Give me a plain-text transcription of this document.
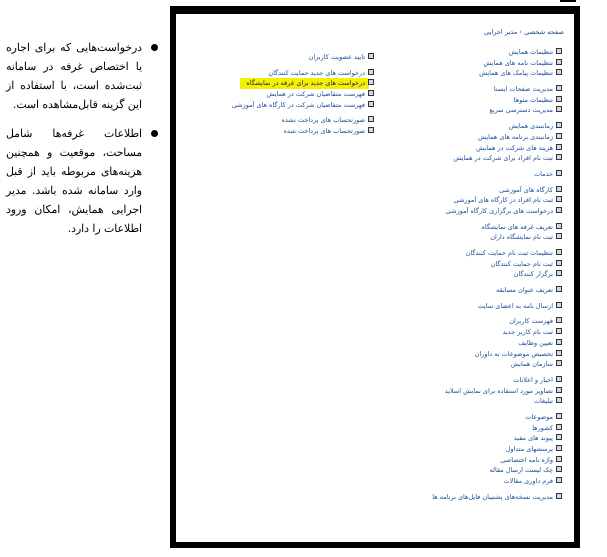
درخواست‌هایی که برای اجاره یا اختصاص غرفه در سامانه ثبت‌شده است، با استفاده از این گزینه قابل‌مشاهده است.
اطلاعات غرفه‌ها شامل مساحت، موقعیت و همچنین هزینه‌های مربوطه باید از قبل وارد سامانه شده باشد. مدیر اجرایی همایش، امکان ورود اطلاعات را دارد.
صفحه شخصی › مدیر اجرایی
تایید عضویت کاربران
درخواست های جدید حمایت کنندگان
درخواست های جدید برای غرفه در نمایشگاه
فهرست متقاضیان شرکت در همایش
فهرست متقاضیان شرکت در کارگاه های آموزشی
صورتحساب های پرداخت نشده
صورتحساب های پرداخت شده
تنظیمات همایش
تنظیمات نامه های همایش
تنظیمات پیامک های همایش
مدیریت صفحات ایستا
تنظیمات منوها
مدیریت دسترسی سریع
زمانبندی همایش
زمانبندی برنامه های همایش
هزینه های شرکت در همایش
ثبت نام افراد برای شرکت در همایش
خدمات
کارگاه های آموزشی
ثبت نام افراد در کارگاه های آموزشی
درخواست های برگزاری کارگاه آموزشی
تعریف غرفه های نمایشگاه
ثبت نام نمایشگاه داران
تنظیمات ثبت نام حمایت کنندگان
ثبت نام حمایت کنندگان
برگزار کنندگان
تعریف عنوان مسابقه
ارسال نامه به اعضای سایت
فهرست کاربران
ثبت نام کاربر جدید
تعیین وظایف
تخصیص موضوعات به داوران
سازمان همایش
اخبار و اعلانات
تصاویر مورد استفاده برای نمایش اسلاید
تبلیغات
موضوعات
کشورها
پیوند های مفید
پرسشهای متداول
واژه نامه اختصاصی
چک لیست ارسال مقاله
فرم داوری مقالات
مدیریت نسخه‌های پشتیبان فایل‌های برنامه ها
